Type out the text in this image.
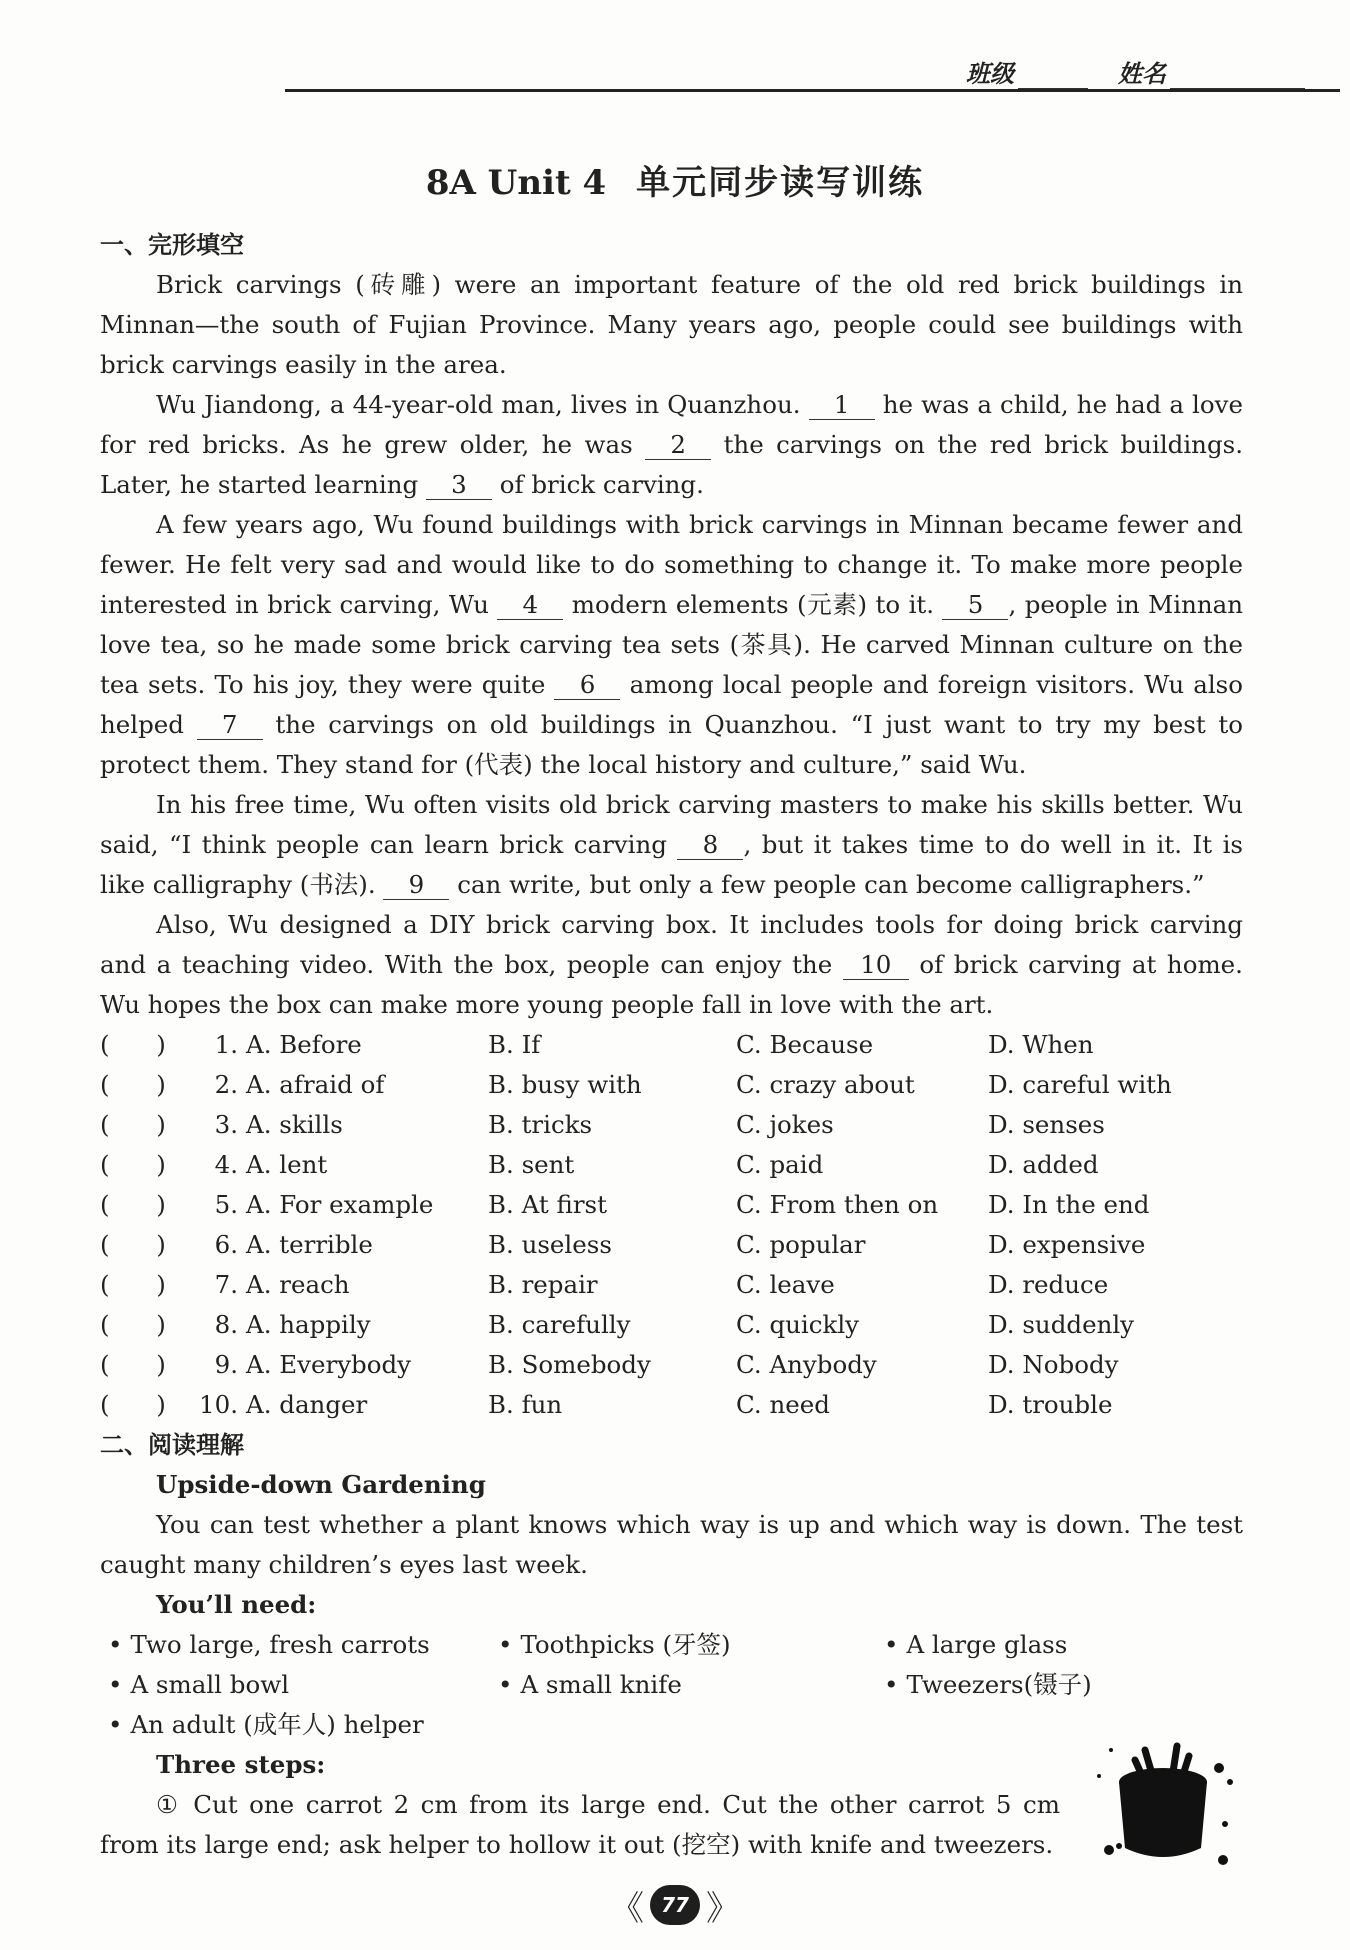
班级	姓名
8A Unit 4 单元同步读写训练
一、完形填空

Brick carvings (砖雕) were an important feature of the old red brick buildings in Minnan—the south of Fujian Province. Many years ago, people could see buildings with brick carvings easily in the area.

Wu Jiandong, a 44-year-old man, lives in Quanzhou. 1 he was a child, he had a love for red bricks. As he grew older, he was 2 the carvings on the red brick buildings. Later, he started learning 3 of brick carving.

A few years ago, Wu found buildings with brick carvings in Minnan became fewer and fewer. He felt very sad and would like to do something to change it. To make more people interested in brick carving, Wu 4 modern elements (元素) to it. 5 , people in Minnan love tea, so he made some brick carving tea sets (茶具). He carved Minnan culture on the tea sets. To his joy, they were quite 6 among local people and foreign visitors. Wu also helped 7 the carvings on old buildings in Quanzhou. “I just want to try my best to protect them. They stand for (代表) the local history and culture,” said Wu.

In his free time, Wu often visits old brick carving masters to make his skills better. Wu said, “I think people can learn brick carving 8 , but it takes time to do well in it. It is like calligraphy (书法). 9 can write, but only a few people can become calligraphers.”

Also, Wu designed a DIY brick carving box. It includes tools for doing brick carving and a teaching video. With the box, people can enjoy the 10 of brick carving at home. Wu hopes the box can make more young people fall in love with the art.

(      )	1. A. Before	B. If	C. Because	D. When
(      )	2. A. afraid of	B. busy with	C. crazy about	D. careful with
(      )	3. A. skills	B. tricks	C. jokes	D. senses
(      )	4. A. lent	B. sent	C. paid	D. added
(      )	5. A. For example	B. At first	C. From then on	D. In the end
(      )	6. A. terrible	B. useless	C. popular	D. expensive
(      )	7. A. reach	B. repair	C. leave	D. reduce
(      )	8. A. happily	B. carefully	C. quickly	D. suddenly
(      )	9. A. Everybody	B. Somebody	C. Anybody	D. Nobody
(      )	10. A. danger	B. fun	C. need	D. trouble
二、阅读理解
Upside-down Gardening

You can test whether a plant knows which way is up and which way is down. The test caught many children’s eyes last week.

You’ll need:
• Two large, fresh carrots	• Toothpicks (牙签)	• A large glass
• A small bowl	• A small knife	• Tweezers(镊子)
• An adult (成年人) helper
Three steps:

① Cut one carrot 2 cm from its large end. Cut the other carrot 5 cm from its large end; ask helper to hollow it out (挖空) with knife and tweezers.

《 77 》
